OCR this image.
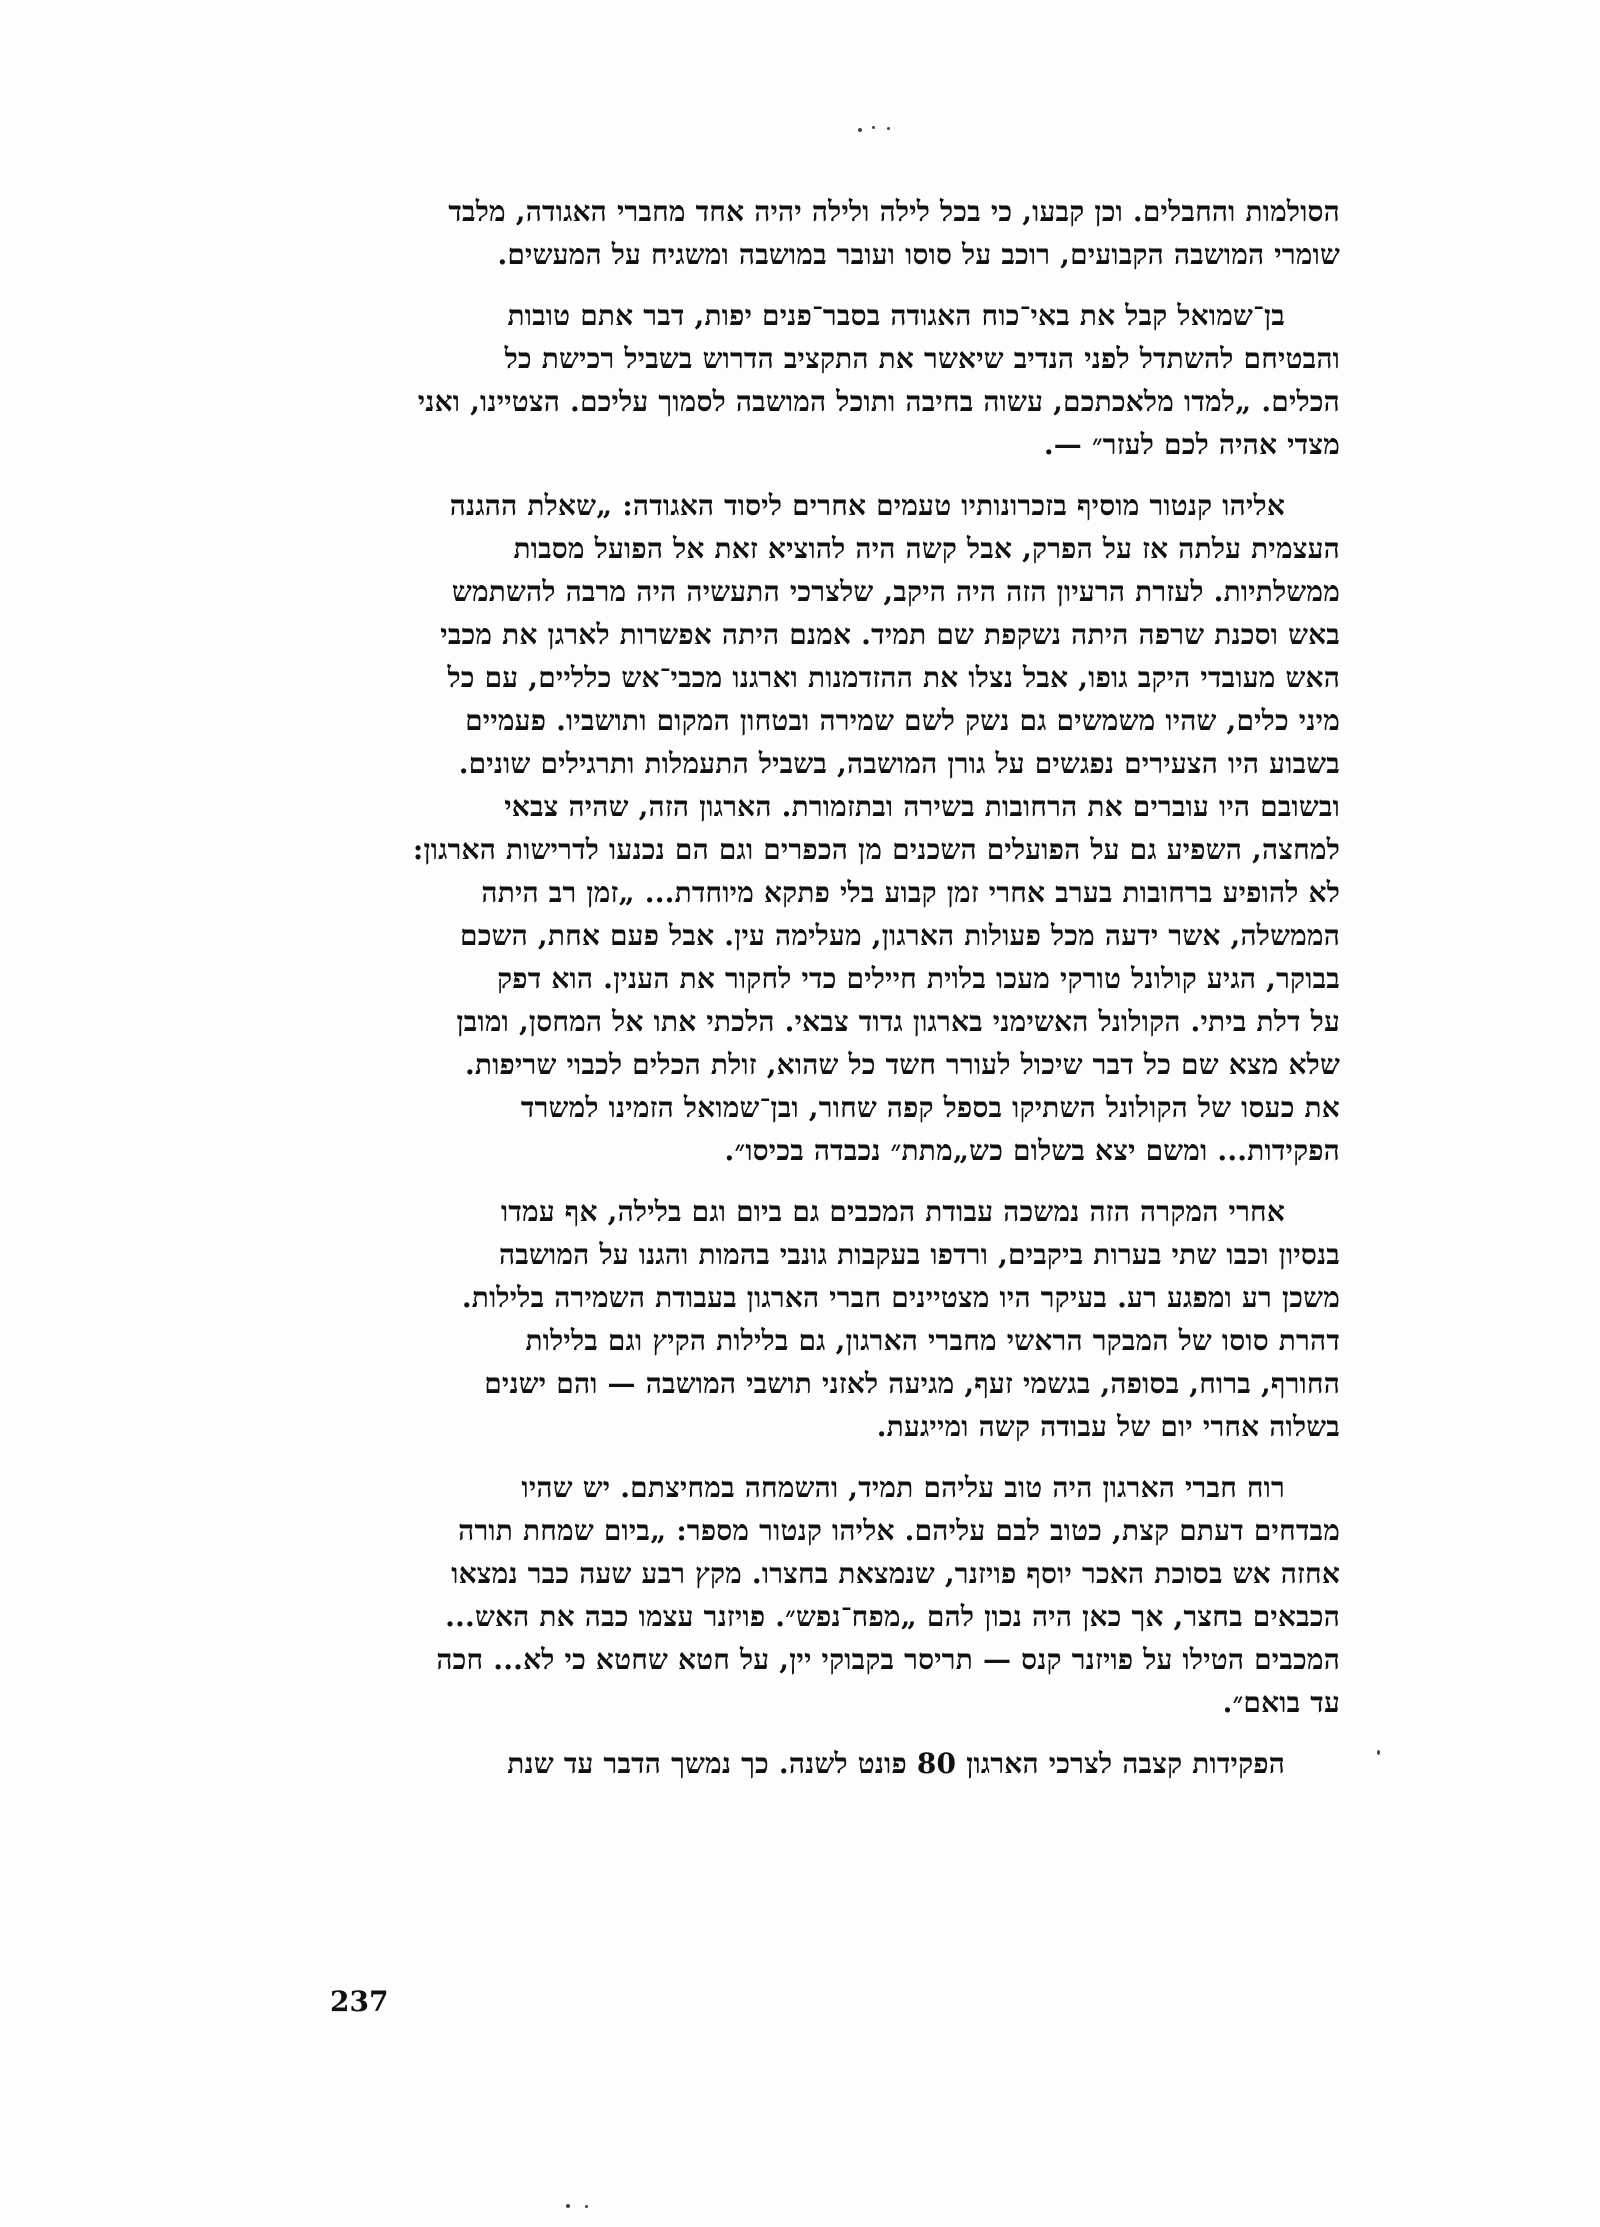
הסולמות והחבלים. וכן קבעו, כי בכל לילה ולילה יהיה אחד מחברי האגודה, מלבד
שומרי המושבה הקבועים, רוכב על סוסו ועובר במושבה ומשגיח על המעשים.
בן־שמואל קבל את באי־כוח האגודה בסבר־פנים יפות, דבר אתם טובות
והבטיחם להשתדל לפני הנדיב שיאשר את התקציב הדרוש בשביל רכישת כל
הכלים. „למדו מלאכתכם, עשוה בחיבה ותוכל המושבה לסמוך עליכם. הצטיינו, ואני
מצדי אהיה לכם לעזר״ —.
אליהו קנטור מוסיף בזכרונותיו טעמים אחרים ליסוד האגודה: „שאלת ההגנה
העצמית עלתה אז על הפרק, אבל קשה היה להוציא זאת אל הפועל מסבות
ממשלתיות. לעזרת הרעיון הזה היה היקב, שלצרכי התעשיה היה מרבה להשתמש
באש וסכנת שרפה היתה נשקפת שם תמיד. אמנם היתה אפשרות לארגן את מכבי
האש מעובדי היקב גופו, אבל נצלו את ההזדמנות וארגנו מכבי־אש כלליים, עם כל
מיני כלים, שהיו משמשים גם נשק לשם שמירה ובטחון המקום ותושביו. פעמיים
בשבוע היו הצעירים נפגשים על גורן המושבה, בשביל התעמלות ותרגילים שונים.
ובשובם היו עוברים את הרחובות בשירה ובתזמורת. הארגון הזה, שהיה צבאי
למחצה, השפיע גם על הפועלים השכנים מן הכפרים וגם הם נכנעו לדרישות הארגון:
לא להופיע ברחובות בערב אחרי זמן קבוע בלי פתקא מיוחדת... „זמן רב היתה
הממשלה, אשר ידעה מכל פעולות הארגון, מעלימה עין. אבל פעם אחת, השכם
בבוקר, הגיע קולונל טורקי מעכו בלוית חיילים כדי לחקור את הענין. הוא דפק
על דלת ביתי. הקולונל האשימני בארגון גדוד צבאי. הלכתי אתו אל המחסן, ומובן
שלא מצא שם כל דבר שיכול לעורר חשד כל שהוא, זולת הכלים לכבוי שריפות.
את כעסו של הקולונל השתיקו בספל קפה שחור, ובן־שמואל הזמינו למשרד
הפקידות... ומשם יצא בשלום כש„מתת״ נכבדה בכיסו״.
אחרי המקרה הזה נמשכה עבודת המכבים גם ביום וגם בלילה, אף עמדו
בנסיון וכבו שתי בערות ביקבים, ורדפו בעקבות גונבי בהמות והגנו על המושבה
משכן רע ומפגע רע. בעיקר היו מצטיינים חברי הארגון בעבודת השמירה בלילות.
דהרת סוסו של המבקר הראשי מחברי הארגון, גם בלילות הקיץ וגם בלילות
החורף, ברוח, בסופה, בגשמי זעף, מגיעה לאזני תושבי המושבה — והם ישנים
בשלוה אחרי יום של עבודה קשה ומייגעת.
רוח חברי הארגון היה טוב עליהם תמיד, והשמחה במחיצתם. יש שהיו
מבדחים דעתם קצת, כטוב לבם עליהם. אליהו קנטור מספר: „ביום שמחת תורה
אחזה אש בסוכת האכר יוסף פויזנר, שנמצאת בחצרו. מקץ רבע שעה כבר נמצאו
הכבאים בחצר, אך כאן היה נכון להם „מפח־נפש״. פויזנר עצמו כבה את האש...
המכבים הטילו על פויזנר קנס — תריסר בקבוקי יין, על חטא שחטא כי לא... חכה
עד בואם״.
הפקידות קצבה לצרכי הארגון 80 פונט לשנה. כך נמשך הדבר עד שנת
237
